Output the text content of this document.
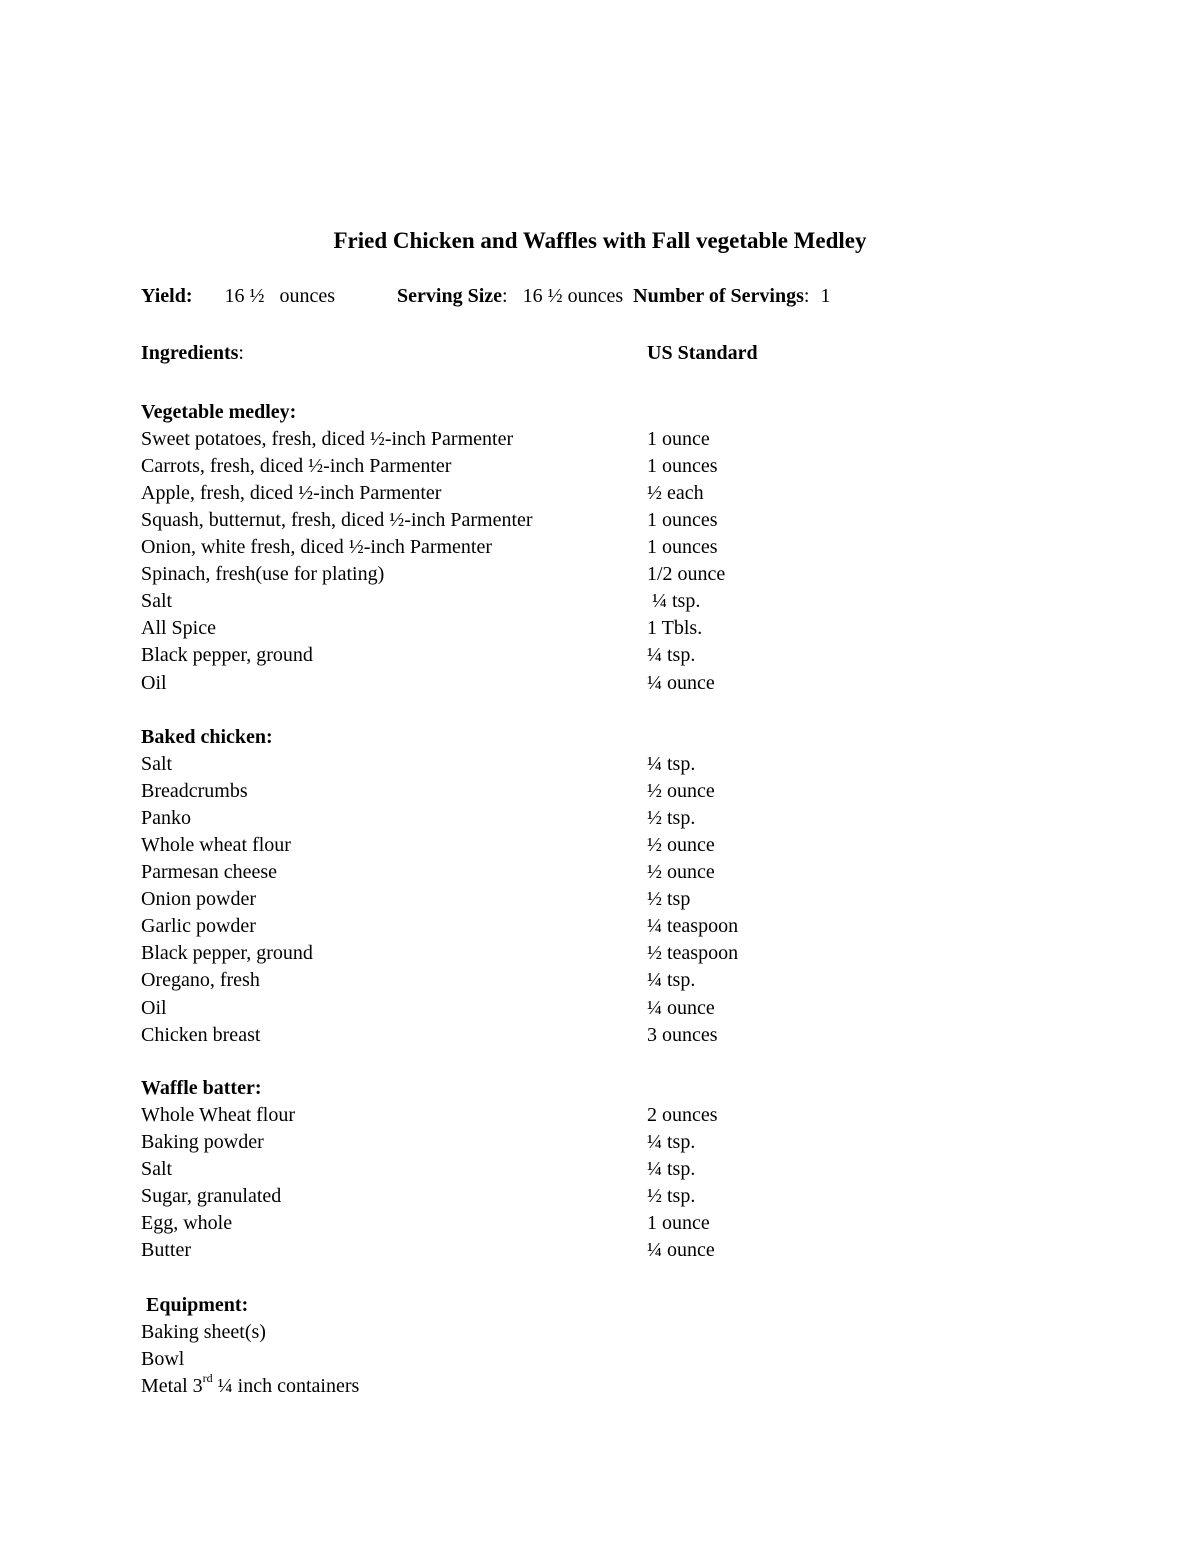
Fried Chicken and Waffles with Fall vegetable Medley
Yield: 16 ½   ounces	Serving Size: 16 ½ ounces Number of Servings: 1
Ingredients:	US Standard
Vegetable medley:
Sweet potatoes, fresh, diced ½-inch Parmenter	1 ounce
Carrots, fresh, diced ½-inch Parmenter	1 ounces
Apple, fresh, diced ½-inch Parmenter	½ each
Squash, butternut, fresh, diced ½-inch Parmenter	1 ounces
Onion, white fresh, diced ½-inch Parmenter	1 ounces
Spinach, fresh(use for plating)	1/2 ounce
Salt	¼ tsp.
All Spice	1 Tbls.
Black pepper, ground	¼ tsp.
Oil	¼ ounce
Baked chicken:
Salt	¼ tsp.
Breadcrumbs	½ ounce
Panko	½ tsp.
Whole wheat flour	½ ounce
Parmesan cheese	½ ounce
Onion powder	½ tsp
Garlic powder	¼ teaspoon
Black pepper, ground	½ teaspoon
Oregano, fresh	¼ tsp.
Oil	¼ ounce
Chicken breast	3 ounces
Waffle batter:
Whole Wheat flour	2 ounces
Baking powder	¼ tsp.
Salt	¼ tsp.
Sugar, granulated	½ tsp.
Egg, whole	1 ounce
Butter	¼ ounce
Equipment:
Baking sheet(s)
Bowl
Metal 3rd ¼ inch containers
